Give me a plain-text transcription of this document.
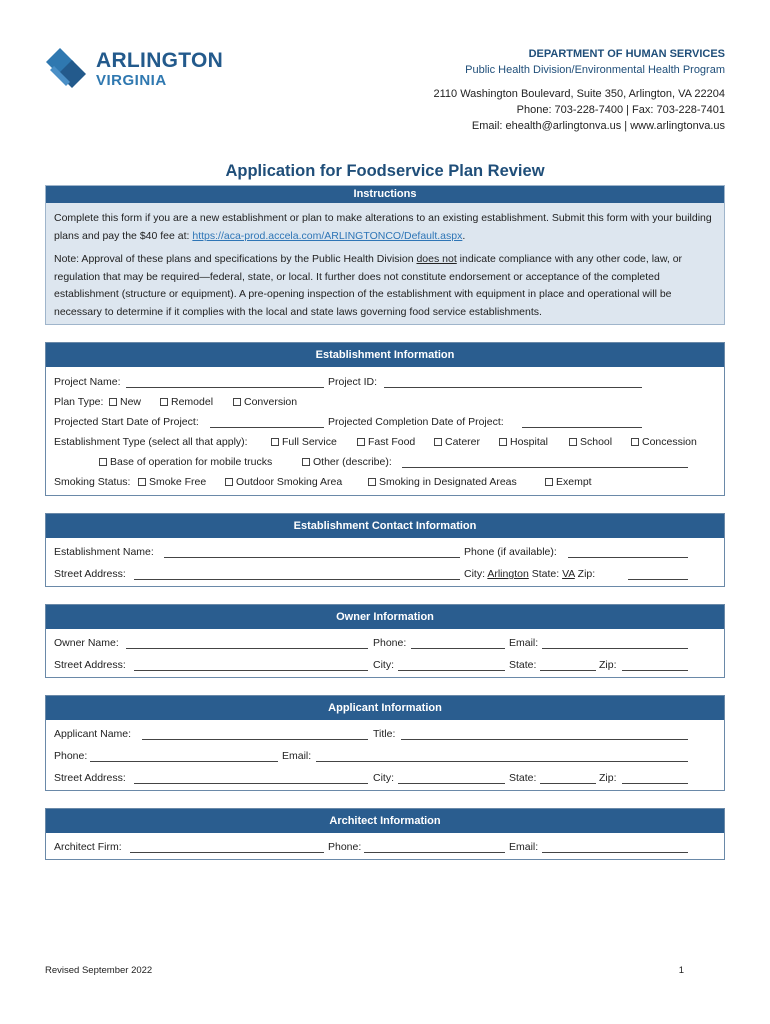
ARLINGTON
VIRGINIA
DEPARTMENT OF HUMAN SERVICES
Public Health Division/Environmental Health Program
2110 Washington Boulevard, Suite 350, Arlington, VA 22204
Phone: 703-228-7400 | Fax: 703-228-7401
Email: ehealth@arlingtonva.us | www.arlingtonva.us
Application for Foodservice Plan Review
Instructions

Complete this form if you are a new establishment or plan to make alterations to an existing establishment. Submit this form with your building plans and pay the $40 fee at: https://aca-prod.accela.com/ARLINGTONCO/Default.aspx.

Note: Approval of these plans and specifications by the Public Health Division does not indicate compliance with any other code, law, or regulation that may be required—federal, state, or local. It further does not constitute endorsement or acceptance of the completed establishment (structure or equipment). A pre-opening inspection of the establishment with equipment in place and operational will be necessary to determine if it complies with the local and state laws governing food service establishments.

Establishment Information
Project Name:	Project ID:
Plan Type:	New	Remodel	Conversion
Projected Start Date of Project:	Projected Completion Date of Project:
Establishment Type (select all that apply):	Full Service	Fast Food	Caterer	Hospital	School	Concession
Base of operation for mobile trucks	Other (describe):
Smoking Status:	Smoke Free	Outdoor Smoking Area	Smoking in Designated Areas	Exempt
Establishment Contact Information
Establishment Name:	Phone (if available):
Street Address:	City: Arlington State: VA Zip:
Owner Information
Owner Name:	Phone:	Email:
Street Address:	City:	State:	Zip:
Applicant Information
Applicant Name:	Title:
Phone:	Email:
Street Address:	City:	State:	Zip:
Architect Information
Architect Firm:	Phone:	Email:
Revised September 2022	1
